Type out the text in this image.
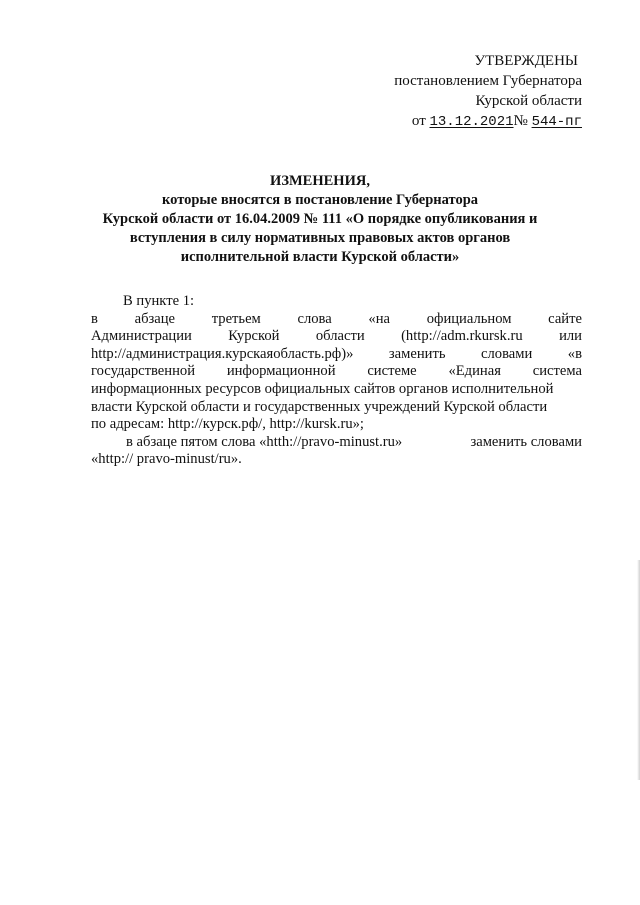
УТВЕРЖДЕНЫ
постановлением Губернатора
Курской области
от 13.12.2021№ 544-пг
ИЗМЕНЕНИЯ,
которые вносятся в постановление Губернатора
Курской области от 16.04.2009 № 111 «О порядке опубликования и
вступления в силу нормативных правовых актов органов
исполнительной власти Курской области»
В пункте 1:
в	абзаце	третьем	слова	«на	официальном	сайте
Администрации Курской области (http://adm.rkursk.ru или
http://администрация.курскаяобласть.рф)» заменить словами «в
государственной информационной системе «Единая система
информационных ресурсов официальных сайтов органов исполнительной
власти Курской области и государственных учреждений Курской области
по адресам: http://курск.рф/, http://kursk.ru»;
в абзаце пятом слова «htth://pravo-minust.ru»	заменить словами
«http:// pravo-minust/ru».
